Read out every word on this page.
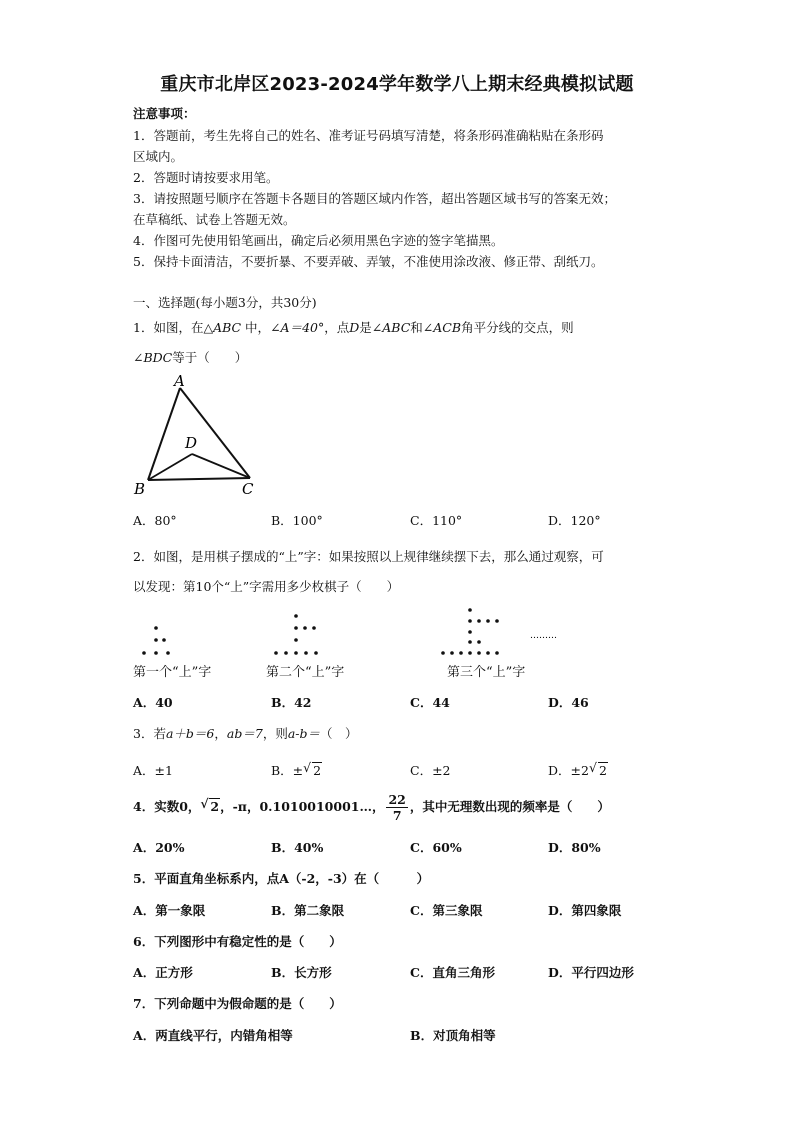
重庆市北岸区2023-2024学年数学八上期末经典模拟试题
注意事项：
1．答题前，考生先将自己的姓名、准考证号码填写清楚，将条形码准确粘贴在条形码
区域内。
2．答题时请按要求用笔。
3．请按照题号顺序在答题卡各题目的答题区域内作答，超出答题区域书写的答案无效；
在草稿纸、试卷上答题无效。
4．作图可先使用铅笔画出，确定后必须用黑色字迹的签字笔描黑。
5．保持卡面清洁，不要折暴、不要弄破、弄皱，不准使用涂改液、修正带、刮纸刀。
一、选择题(每小题3分，共30分)
1．如图，在△ABC 中，∠A＝40°，点D是∠ABC和∠ACB角平分线的交点，则
∠BDC等于（　　）
A
B	C
D
A．80°	B．100°	C．110°	D．120°
2．如图，是用棋子摆成的“上”字：如果按照以上规律继续摆下去，那么通过观察，可
以发现：第10个“上”字需用多少枚棋子（　　）
………
第一个“上”字	第二个“上”字	第三个“上”字
A．40	B．42	C．44	D．46
3．若a＋b＝6，ab＝7，则a-b＝（　）
A．±1	B．± √ 2	C．±2	D．±2 √ 2
4．实数0， √ 2，-π，0.1010010001…， $\frac{22}{7}$ ，其中无理数出现的频率是（　　）
A．20%	B．40%	C．60%	D．80%
5．平面直角坐标系内，点A（-2，-3）在（　　　）
A．第一象限	B．第二象限	C．第三象限	D．第四象限
6．下列图形中有稳定性的是（　　）
A．正方形	B．长方形	C．直角三角形	D．平行四边形
7．下列命题中为假命题的是（　　）
A．两直线平行，内错角相等	B．对顶角相等
